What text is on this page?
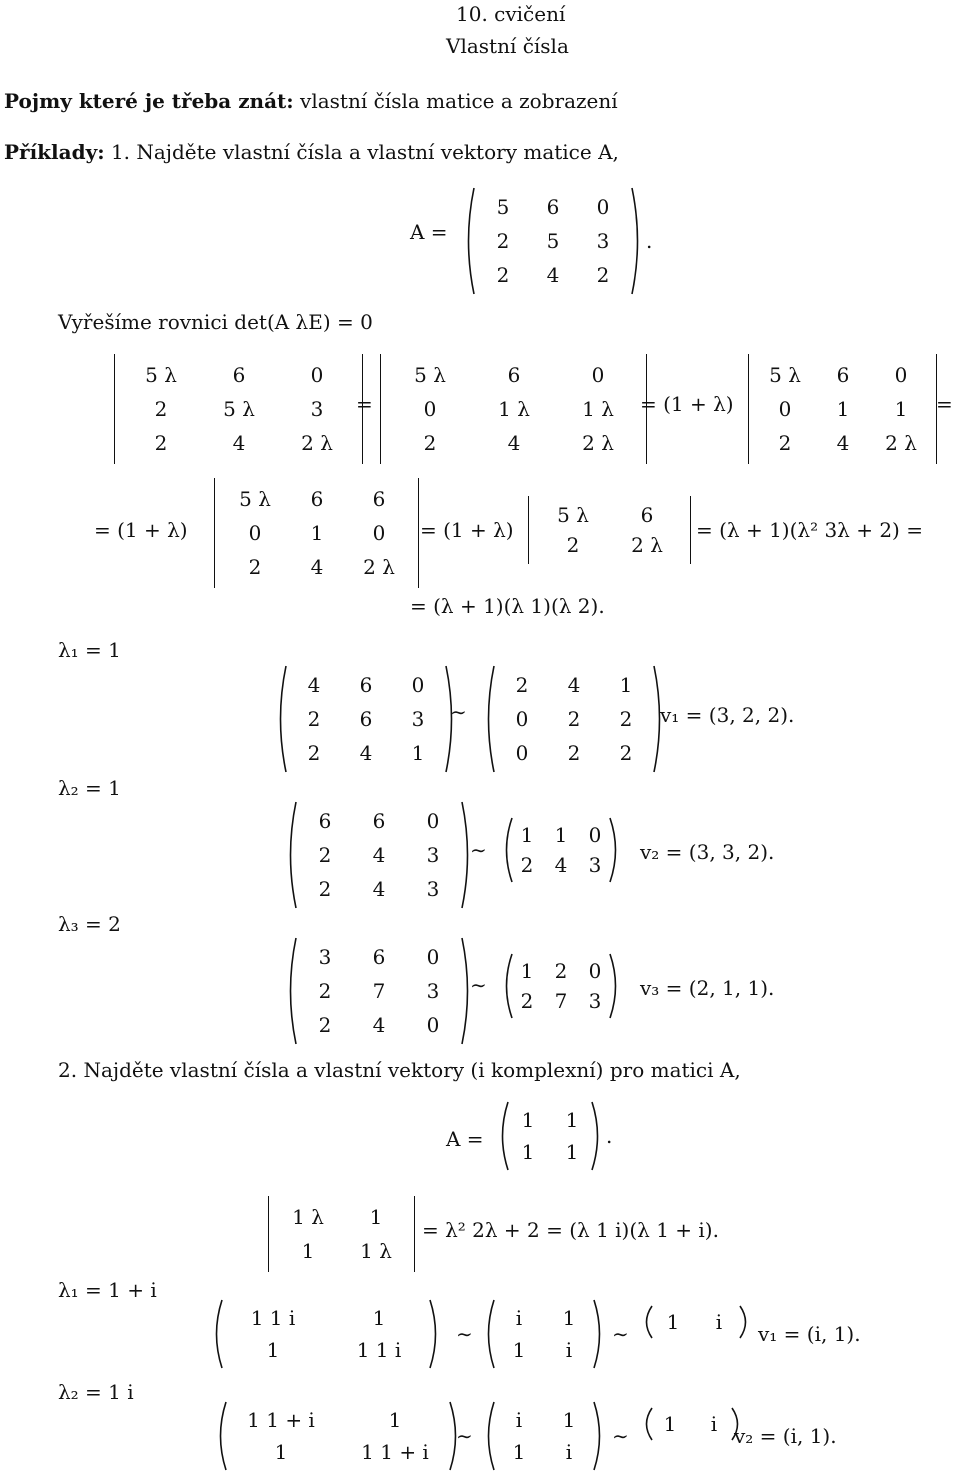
10. cvičení
Vlastní čísla
Pojmy které je třeba znát: vlastní čísla matice a zobrazení
Příklady: 1. Najděte vlastní čísla a vlastní vektory matice A,
A =
5	6	0
2	5	3
2	4	2
Vyřešíme rovnici det(A λE) = 0
5 λ	6	0
2	5 λ	3
2	4	2 λ
=
5 λ	6	0
0	1 λ	1 λ
2	4	2 λ
= (1 + λ)
5 λ	6	0
0	1	1
2	4	2 λ
=
= (1 + λ)
5 λ	6	6
0	1	0
2	4	2 λ
= (1 + λ)
5 λ	6
2	2 λ
= (λ + 1)(λ² 3λ + 2) =
= (λ + 1)(λ 1)(λ 2).
λ₁ = 1
4	6	0
2	6	3
2	4	1
∼
2	4	1
0	2	2
0	2	2
v₁ = (3, 2, 2).
λ₂ = 1
6	6	0
2	4	3
2	4	3
∼
1	1	0
2	4	3
v₂ = (3, 3, 2).
λ₃ = 2
3	6	0
2	7	3
2	4	0
∼
1	2	0
2	7	3
v₃ = (2, 1, 1).
2. Najděte vlastní čísla a vlastní vektory (i komplexní) pro matici A,
A =
1	1
1	1
1 λ	1
1	1 λ
= λ² 2λ + 2 = (λ 1 i)(λ 1 + i).
λ₁ = 1 + i
1 1 i	1
1	1 1 i
∼
i	1
1	i
∼	1	i	v₁ = (i, 1).
λ₂ = 1 i
1 1 + i	1
1	1 1 + i
∼
i	1
1	i
∼	1	i v₂ = (i, 1).
.
.
